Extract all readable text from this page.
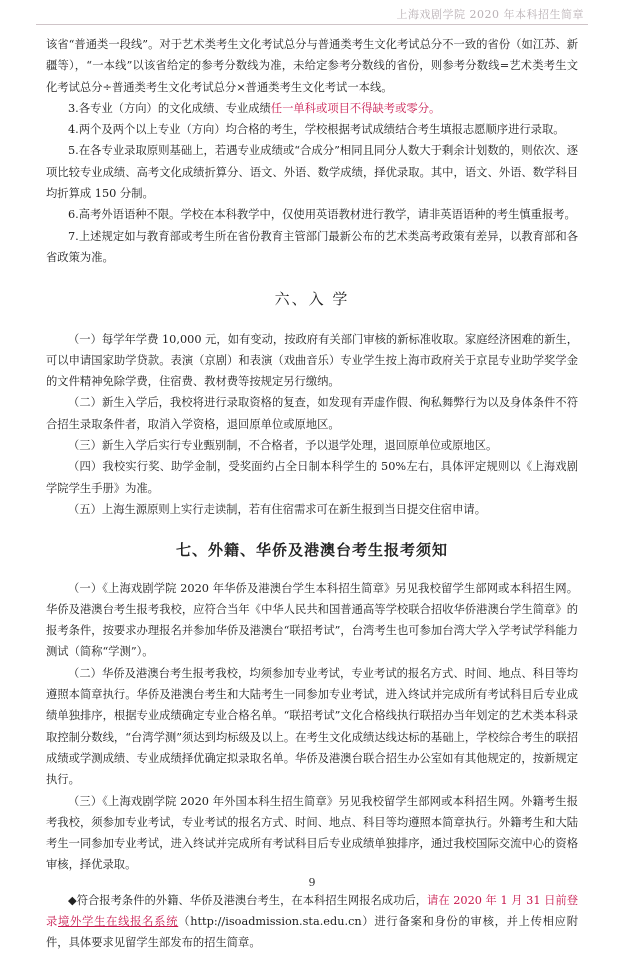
上海戏剧学院 2020 年本科招生简章

该省“普通类一段线”。对于艺术类考生文化考试总分与普通类考生文化考试总分不一致的省份（如江苏、新疆等），“一本线”以该省给定的参考分数线为准，未给定参考分数线的省份，则参考分数线=艺术类考生文化考试总分÷普通类考生文化考试总分×普通类考生文化考试一本线。

3.各专业（方向）的文化成绩、专业成绩任一单科或项目不得缺考或零分。

4.两个及两个以上专业（方向）均合格的考生，学校根据考试成绩结合考生填报志愿顺序进行录取。

5.在各专业录取原则基础上，若遇专业成绩或“合成分”相同且同分人数大于剩余计划数的，则依次、逐项比较专业成绩、高考文化成绩折算分、语文、外语、数学成绩，择优录取。其中，语文、外语、数学科目均折算成 150 分制。

6.高考外语语种不限。学校在本科教学中，仅使用英语教材进行教学，请非英语语种的考生慎重报考。

7.上述规定如与教育部或考生所在省份教育主管部门最新公布的艺术类高考政策有差异，以教育部和各省政策为准。

六、入 学

（一）每学年学费 10,000 元，如有变动，按政府有关部门审核的新标准收取。家庭经济困难的新生，可以申请国家助学贷款。表演（京剧）和表演（戏曲音乐）专业学生按上海市政府关于京昆专业助学奖学金的文件精神免除学费，住宿费、教材费等按规定另行缴纳。

（二）新生入学后，我校将进行录取资格的复查，如发现有弄虚作假、徇私舞弊行为以及身体条件不符合招生录取条件者，取消入学资格，退回原单位或原地区。

（三）新生入学后实行专业甄别制，不合格者，予以退学处理，退回原单位或原地区。

（四）我校实行奖、助学金制，受奖面约占全日制本科学生的 50%左右，具体评定规则以《上海戏剧学院学生手册》为准。

（五）上海生源原则上实行走读制，若有住宿需求可在新生报到当日提交住宿申请。

七、外籍、华侨及港澳台考生报考须知

（一）《上海戏剧学院 2020 年华侨及港澳台学生本科招生简章》另见我校留学生部网或本科招生网。华侨及港澳台考生报考我校，应符合当年《中华人民共和国普通高等学校联合招收华侨港澳台学生简章》的报考条件，按要求办理报名并参加华侨及港澳台“联招考试”，台湾考生也可参加台湾大学入学考试学科能力测试（简称“学测”）。

（二）华侨及港澳台考生报考我校，均须参加专业考试，专业考试的报名方式、时间、地点、科目等均遵照本简章执行。华侨及港澳台考生和大陆考生一同参加专业考试，进入终试并完成所有考试科目后专业成绩单独排序，根据专业成绩确定专业合格名单。“联招考试”文化合格线执行联招办当年划定的艺术类本科录取控制分数线，“台湾学测”须达到均标级及以上。在考生文化成绩达线达标的基础上，学校综合考生的联招成绩或学测成绩、专业成绩择优确定拟录取名单。华侨及港澳台联合招生办公室如有其他规定的，按新规定执行。

（三）《上海戏剧学院 2020 年外国本科生招生简章》另见我校留学生部网或本科招生网。外籍考生报考我校，须参加专业考试，专业考试的报名方式、时间、地点、科目等均遵照本简章执行。外籍考生和大陆考生一同参加专业考试，进入终试并完成所有考试科目后专业成绩单独排序，通过我校国际交流中心的资格审核，择优录取。

◆符合报考条件的外籍、华侨及港澳台考生，在本科招生网报名成功后，请在 2020 年 1 月 31 日前登录境外学生在线报名系统（http://isoadmission.sta.edu.cn）进行备案和身份的审核，并上传相应附件，具体要求见留学生部发布的招生简章。

9
